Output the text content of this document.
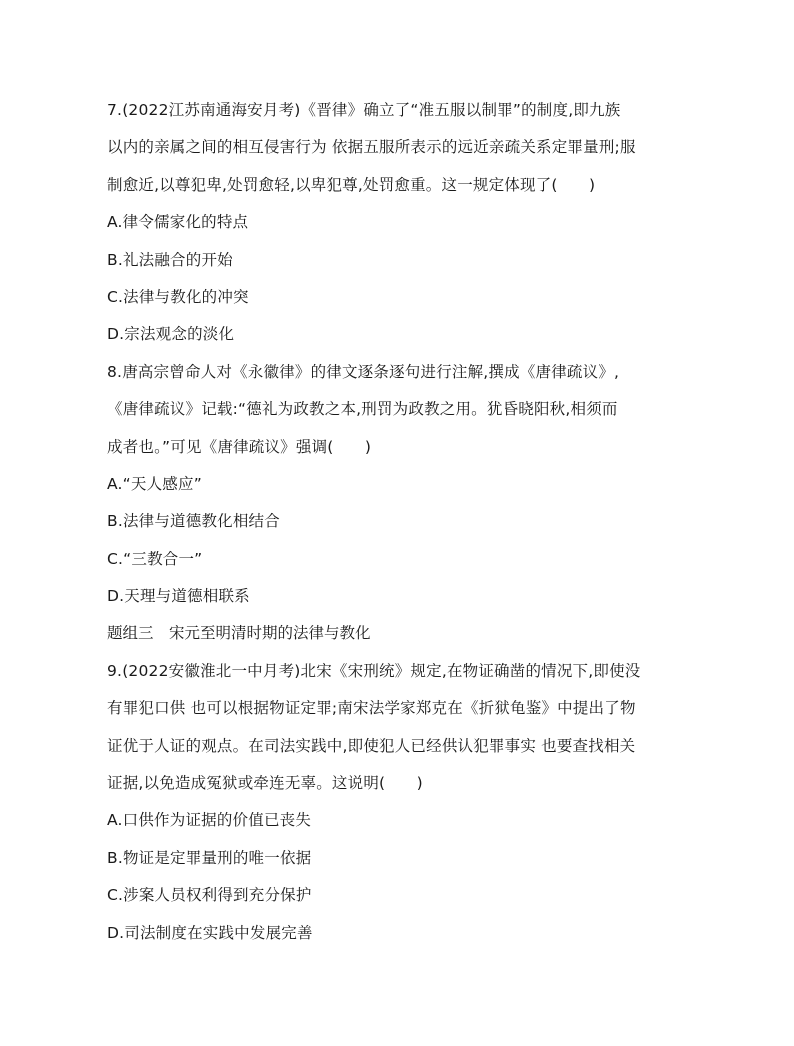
7.(2022江苏南通海安月考)《晋律》确立了“准五服以制罪”的制度,即九族
以内的亲属之间的相互侵害行为 依据五服所表示的远近亲疏关系定罪量刑;服
制愈近,以尊犯卑,处罚愈轻,以卑犯尊,处罚愈重。这一规定体现了(　　)
A.律令儒家化的特点
B.礼法融合的开始
C.法律与教化的冲突
D.宗法观念的淡化
8.唐高宗曾命人对《永徽律》的律文逐条逐句进行注解,撰成《唐律疏议》,
《唐律疏议》记载:“德礼为政教之本,刑罚为政教之用。犹昏晓阳秋,相须而
成者也。”可见《唐律疏议》强调(　　)
A.“天人感应”
B.法律与道德教化相结合
C.“三教合一”
D.天理与道德相联系
题组三　宋元至明清时期的法律与教化
9.(2022安徽淮北一中月考)北宋《宋刑统》规定,在物证确凿的情况下,即使没
有罪犯口供 也可以根据物证定罪;南宋法学家郑克在《折狱龟鉴》中提出了物
证优于人证的观点。在司法实践中,即使犯人已经供认犯罪事实 也要查找相关
证据,以免造成冤狱或牵连无辜。这说明(　　)
A.口供作为证据的价值已丧失
B.物证是定罪量刑的唯一依据
C.涉案人员权利得到充分保护
D.司法制度在实践中发展完善
